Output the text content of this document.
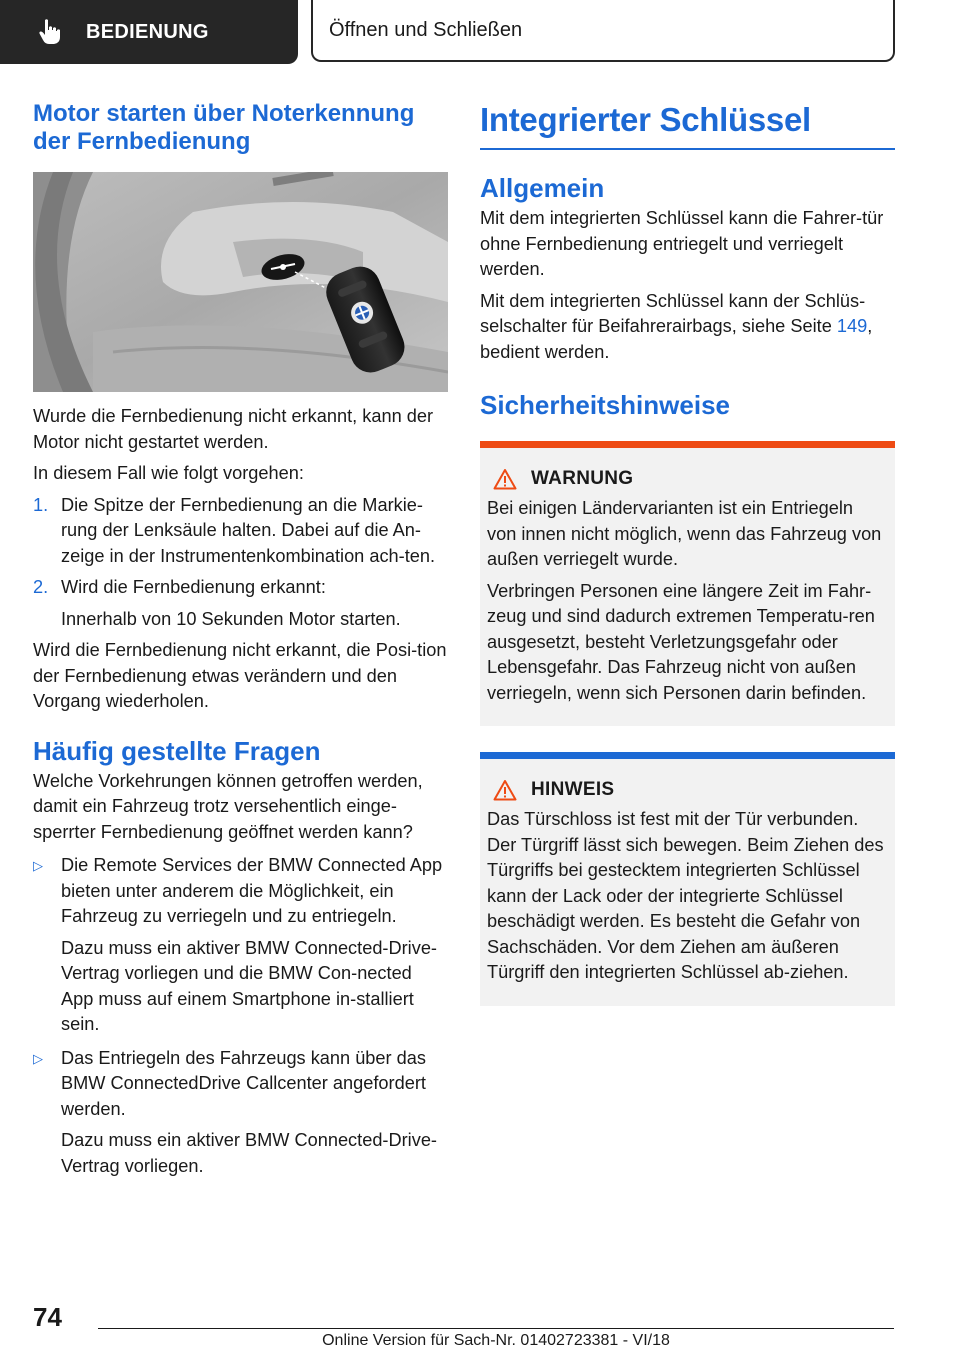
BEDIENUNG	Öffnen und Schließen
Motor starten über Noterkennung der Fernbedienung

Wurde die Fernbedienung nicht erkannt, kann der Motor nicht gestartet werden.

In diesem Fall wie folgt vorgehen:

1. Die Spitze der Fernbedienung an die Markie-rung der Lenksäule halten. Dabei auf die An-zeige in der Instrumentenkombination ach-ten.

2. Wird die Fernbedienung erkannt:

Innerhalb von 10 Sekunden Motor starten.

Wird die Fernbedienung nicht erkannt, die Posi-tion der Fernbedienung etwas verändern und den Vorgang wiederholen.

Häufig gestellte Fragen

Welche Vorkehrungen können getroffen werden, damit ein Fahrzeug trotz versehentlich einge-sperrter Fernbedienung geöffnet werden kann?

▷ Die Remote Services der BMW Connected App bieten unter anderem die Möglichkeit, ein Fahrzeug zu verriegeln und zu entriegeln.

Dazu muss ein aktiver BMW Connected-Drive-Vertrag vorliegen und die BMW Con-nected App muss auf einem Smartphone in-stalliert sein.

▷ Das Entriegeln des Fahrzeugs kann über das BMW ConnectedDrive Callcenter angefordert werden.

Dazu muss ein aktiver BMW Connected-Drive-Vertrag vorliegen.

Integrierter Schlüssel
Allgemein

Mit dem integrierten Schlüssel kann die Fahrer-tür ohne Fernbedienung entriegelt und verriegelt werden.

Mit dem integrierten Schlüssel kann der Schlüs-selschalter für Beifahrerairbags, siehe Seite 149, bedient werden.

Sicherheitshinweise
WARNUNG

Bei einigen Ländervarianten ist ein Entriegeln von innen nicht möglich, wenn das Fahrzeug von außen verriegelt wurde.

Verbringen Personen eine längere Zeit im Fahr-zeug und sind dadurch extremen Temperatu-ren ausgesetzt, besteht Verletzungsgefahr oder Lebensgefahr. Das Fahrzeug nicht von außen verriegeln, wenn sich Personen darin befinden.

HINWEIS

Das Türschloss ist fest mit der Tür verbunden. Der Türgriff lässt sich bewegen. Beim Ziehen des Türgriffs bei gestecktem integrierten Schlüssel kann der Lack oder der integrierte Schlüssel beschädigt werden. Es besteht die Gefahr von Sachschäden. Vor dem Ziehen am äußeren Türgriff den integrierten Schlüssel ab-ziehen.

74
Online Version für Sach-Nr. 01402723381 - VI/18
